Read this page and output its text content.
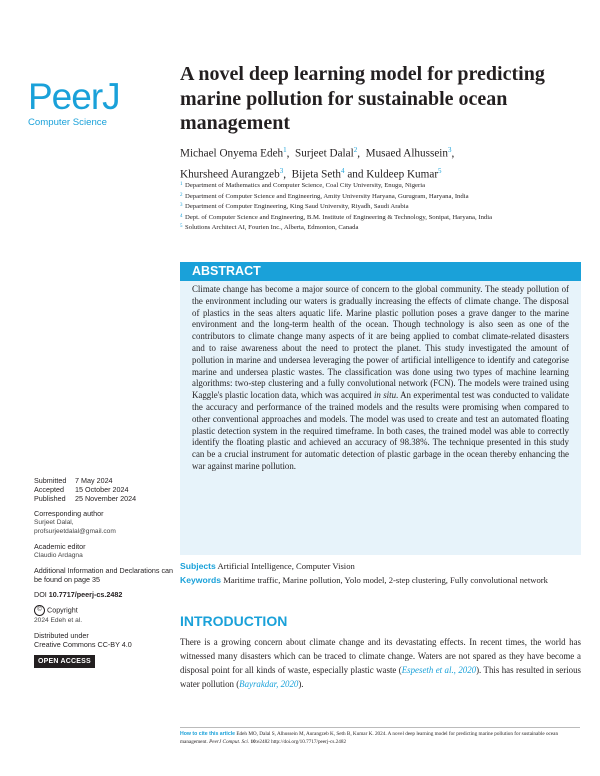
PeerJ
Computer Science
A novel deep learning model for predicting marine pollution for sustainable ocean management
Michael Onyema Edeh$^1$,  Surjeet Dalal$^2$,  Musaed Alhussein$^3$,
Khursheed Aurangzeb$^3$,  Bijeta Seth$^4$ and Kuldeep Kumar$^5$
1 Department of Mathematics and Computer Science, Coal City University, Enugu, Nigeria
2 Department of Computer Science and Engineering, Amity University Haryana, Gurugram, Haryana, India
3 Department of Computer Engineering, King Saud University, Riyadh, Saudi Arabia
4 Dept. of Computer Science and Engineering, B.M. Institute of Engineering & Technology, Sonipat, Haryana, India
5 Solutions Architect AI, Fourien Inc., Alberta, Edmonton, Canada
ABSTRACT

Climate change has become a major source of concern to the global community. The steady pollution of the environment including our waters is gradually increasing the effects of climate change. The disposal of plastics in the seas alters aquatic life. Marine plastic pollution poses a grave danger to the marine environment and the long-term health of the ocean. Though technology is also seen as one of the contributors to climate change many aspects of it are being applied to combat climate-related disasters and to raise awareness about the need to protect the planet. This study investigated the amount of pollution in marine and undersea leveraging the power of artificial intelligence to identify and categorise marine and undersea plastic wastes. The classification was done using two types of machine learning algorithms: two-step clustering and a fully convolutional network (FCN). The models were trained using Kaggle's plastic location data, which was acquired in situ. An experimental test was conducted to validate the accuracy and performance of the trained models and the results were promising when compared to other conventional approaches and models. The model was used to create and test an automated floating plastic detection system in the required timeframe. In both cases, the trained model was able to correctly identify the floating plastic and achieved an accuracy of 98.38%. The technique presented in this study can be a crucial instrument for automatic detection of plastic garbage in the ocean thereby enhancing the war against marine pollution.

Subjects Artificial Intelligence, Computer Vision
Keywords Maritime traffic, Marine pollution, Yolo model, 2-step clustering, Fully convolutional network
INTRODUCTION

There is a growing concern about climate change and its devastating effects. In recent times, the world has witnessed many disasters which can be traced to climate change. Waters are not spared as they have become a disposal point for all kinds of waste, especially plastic waste (Espeseth et al., 2020). This has resulted in serious water pollution (Bayrakdar, 2020).

Submitted	7 May 2024
Accepted	15 October 2024
Published	25 November 2024
Corresponding author
Surjeet Dalal,
profsurjeetdalal@gmail.com
Academic editor
Claudio Ardagna
Additional Information and Declarations can be found on page 35
DOI 10.7717/peerj-cs.2482
© Copyright
2024 Edeh et al.
Distributed under
Creative Commons CC-BY 4.0
OPEN ACCESS
How to cite this article Edeh MO, Dalal S, Alhussein M, Aurangzeb K, Seth B, Kumar K. 2024. A novel deep learning model for predicting marine pollution for sustainable ocean management. PeerJ Comput. Sci. 10:e2482 http://doi.org/10.7717/peerj-cs.2482
